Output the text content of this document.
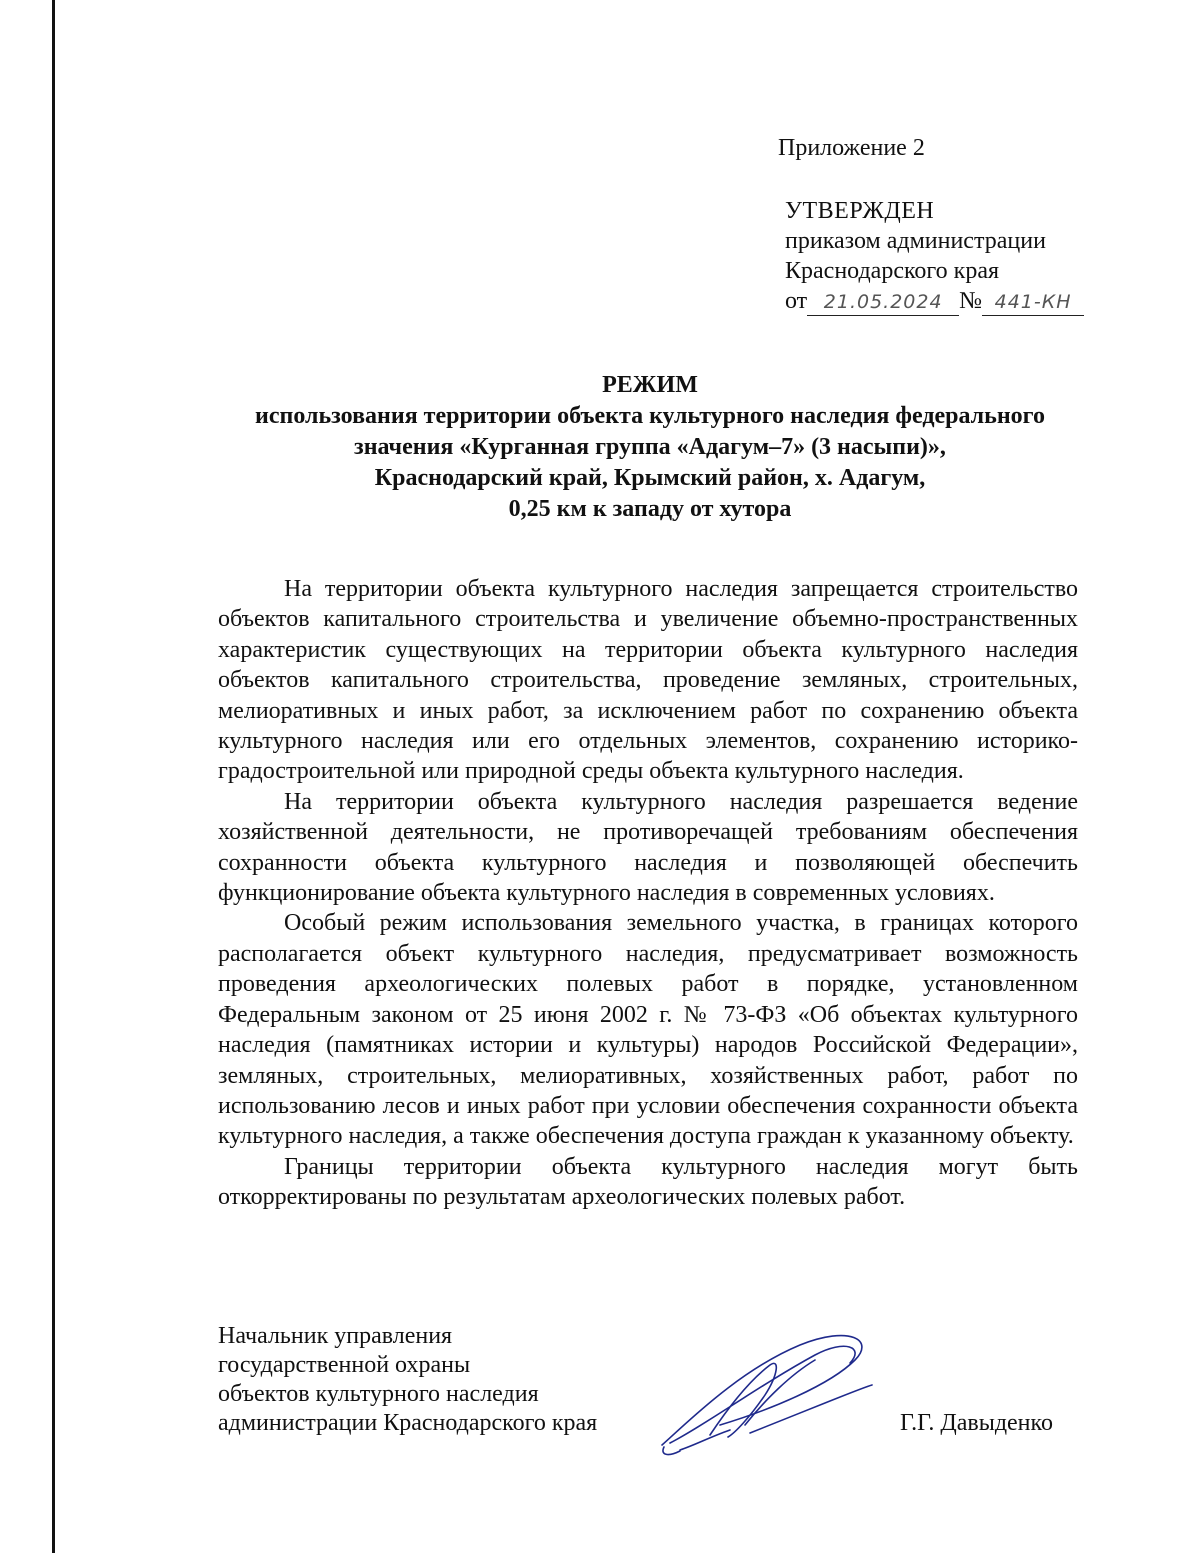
Приложение 2
УТВЕРЖДЕН
приказом администрации
Краснодарского края
от 21.05.2024 № 441-КН
РЕЖИМ
использования территории объекта культурного наследия федерального
значения «Курганная группа «Адагум–7» (3 насыпи)»,
Краснодарский край, Крымский район, х. Адагум,
0,25 км к западу от хутора

На территории объекта культурного наследия запрещается строительство объектов капитального строительства и увеличение объемно-пространственных характеристик существующих на территории объекта культурного наследия объектов капитального строительства, проведение земляных, строительных, мелиоративных и иных работ, за исключением работ по сохранению объекта культурного наследия или его отдельных элементов, сохранению историко-градостроительной или природной среды объекта культурного наследия.

На территории объекта культурного наследия разрешается ведение хозяйственной деятельности, не противоречащей требованиям обеспечения сохранности объекта культурного наследия и позволяющей обеспечить функционирование объекта культурного наследия в современных условиях.

Особый режим использования земельного участка, в границах которого располагается объект культурного наследия, предусматривает возможность проведения археологических полевых работ в порядке, установленном Федеральным законом от 25 июня 2002 г. № 73-ФЗ «Об объектах культурного наследия (памятниках истории и культуры) народов Российской Федерации», земляных, строительных, мелиоративных, хозяйственных работ, работ по использованию лесов и иных работ при условии обеспечения сохранности объекта культурного наследия, а также обеспечения доступа граждан к указанному объекту.

Границы территории объекта культурного наследия могут быть откорректированы по результатам археологических полевых работ.

Начальник управления
государственной охраны
объектов культурного наследия
администрации Краснодарского края	Г.Г. Давыденко
